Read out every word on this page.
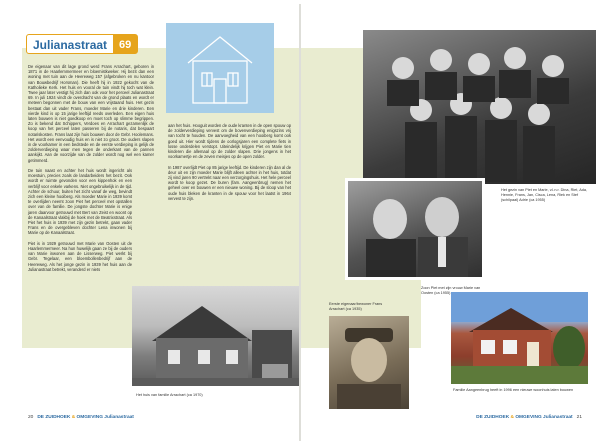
Julianastraat	69

De eigenaar van dit lage grond werd Frans Arrachart, geboren in 1871 in de Haarlemmermeer en bloemistkweker. Hij bezit dan een woning met tuin aan de Heereweg 157 (afgebroken en nu kantoor van Bouwbedrijf Horsman). Die heeft hij in 1922 gekocht van de Katholieke Kerk. Het huis en vooral de tuin vindt hij toch wat klein. Twee jaar later vestigt hij zich dan ook voor het perceel Julianastraat 69. In juli 1924 vindt de overdracht van de grond plaats en wordt er meteen begonnen met de bouw van een vrijstaand huis. Het gezin bestaat dan uit vader Frans, moeder Marie en drie kinderen. Een vierde kind is op 15 jarige leeftijd reeds overleden. Een eigen huis laten bouwen is niet goedkoop en moet toch op slimme begrippen. Zo is bekend dat Schippers, Verdoes en Arrachart gezamenlijk de koop van het perceel laten passeren bij de notaris, dat bespaart notariskosten. Frans laat zijn huis bouwen door de Gebr. Hoolemans. Het wordt een eenvoudig huis en is niet zo groot. De ouders slapen in de voorkamer in een bedstede en de eerste verdieping is gelijk de zolderverdieping waar men tegen de onderkant van de pannen aankijkt. Aan de voorzijde van de zolder wordt nog wel een kamer getimmerd.

De tuin naast en achter het huis wordt ingericht als moestuin, precies zoals de landarbeiders het bezit. Ook wordt er ruimte gevonden voor een kippenhok en een verblijf voor enkele varkens. Niet ongebruikelijk in de tijd. Achter de schuur, buiten het zicht vanaf de weg, bevindt zich een kleine hooiberg. Als moeder Marie in 1939 komt te overlijden neemt zoon Piet het perceel met opstallen over van de familie. De jongste dochter Marie is enige jaren daarvoor getrouwd met Bert van Zeist en woont op de Kanaalstraat vlakbij de hoek met de Beatrixstraat. Als Piet het huis in 1939 met zijn gezin betrekt, gaan vader Frans en de overgebleven dochter Lena inwonen bij Marie op de Kanaalstraat.

Piet is in 1929 getrouwd met Marie van Oosten uit de Haarlemmermeer. Na hun huwelijk gaan ze bij de ouders van Marie inwonen aan de Lisserweg. Piet werkt bij Gebr. Tegelaar, een bloembollenbedrijf aan de Heereweg. Als het jonge gezin in 1939 het huis aan de Julianastraat betrekt, veranderd er niets

aan het huis. Hooguit worden de oude kranten in de open spouw op de zolderverdieping vervest om de bovenverdieping enigszins vrij van tocht te houden. De aanvoegheid van een hooiberg komt ook goed uit. Hier wordt tijdens de oorlogsjaren een complete fiets in losse onderdelen verstopt. Uiteindelijk krijgen Piet en Marie tien kinderen die allemaal op de zolder slapen. Drie jongens in het voorkamertje en de zeven meisjes op de open zolder.

In 1987 overlijdt Piet op 85 jarige leeftijd. De kinderen zijn dan al de deur uit en zijn moeder Marie blijft alleen achter in het huis, totdat zij vind jaren 90 vertrekt naar een verzorgingshuis. Het hele perceel wordt te koop gezet. De buren (fam. Aangeenbrug) nemen het geheel over en bouwen er een nieuwe woning. Bij de sloop van het oude huis bleken de kranten in de spouw voor het laatst in 1964 vervest te zijn.

Het huis van familie Arrachart (ca 1970)
20 DE ZUIDHOEK & OMGEVING Julianastraat
Het gezin van Piet en Marie, v.l.n.r. Dina, Riet, Ada, Hennie, Frans, Jan, Cisca, Lena, Riek en Stef (schilpaal) Adrie (ca 1955)
Zoon Piet met zijn vrouw Marie van Oosten (ca 1955)
Eerste eigenaar/bewoner Frans Arrachart (ca 1935)
Familie Aangeenbrug heeft in 1996 een nieuwe woonhuis laten bouwen
DE ZUIDHOEK & OMGEVING Julianastraat 21
